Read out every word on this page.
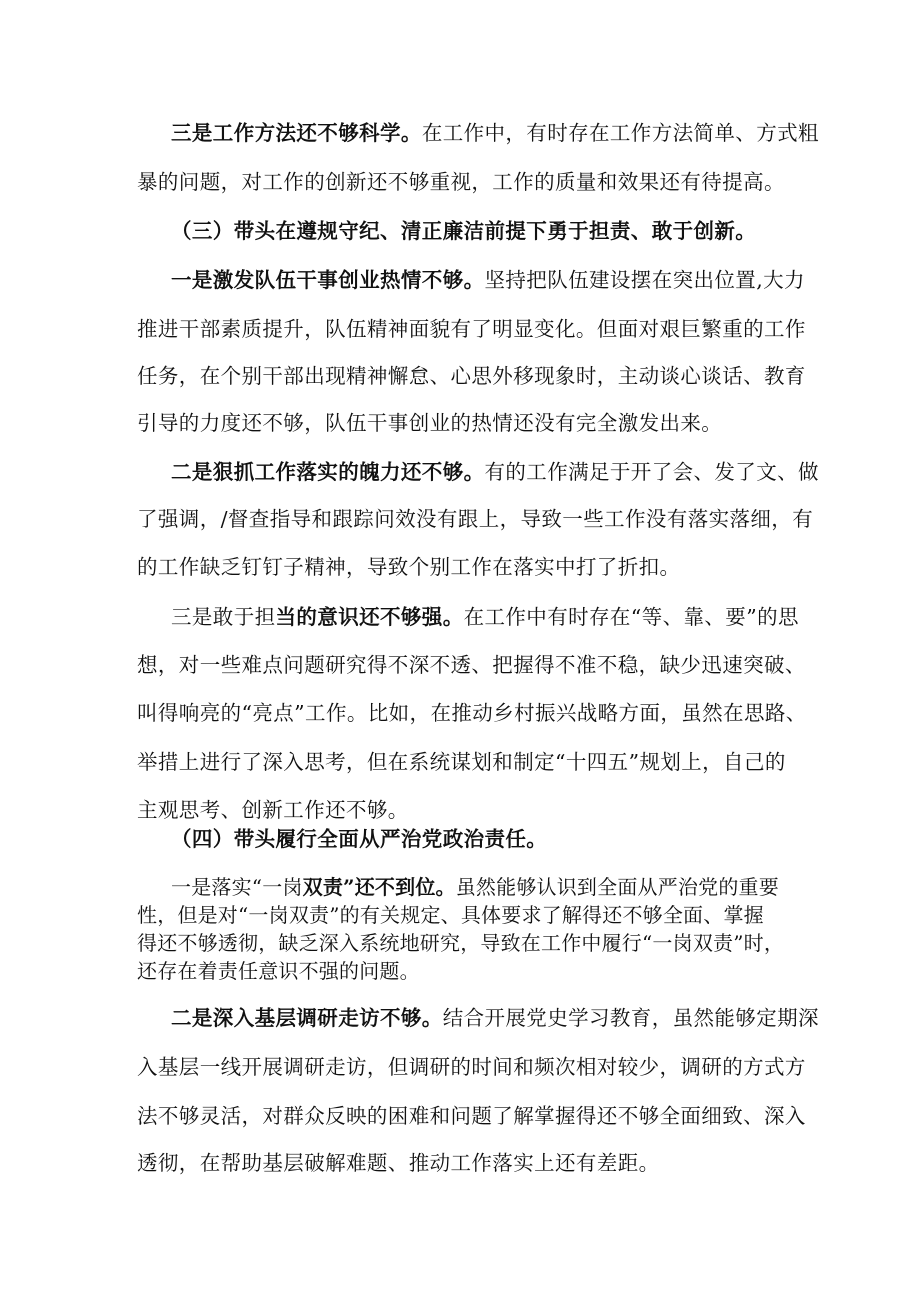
三是工作方法还不够科学。在工作中，有时存在工作方法简单、方式粗
暴的问题，对工作的创新还不够重视，工作的质量和效果还有待提高。
（三）带头在遵规守纪、清正廉洁前提下勇于担责、敢于创新。
一是激发队伍干事创业热情不够。坚持把队伍建设摆在突出位置,大力
推进干部素质提升，队伍精神面貌有了明显变化。但面对艰巨繁重的工作
任务，在个别干部出现精神懈怠、心思外移现象时，主动谈心谈话、教育
引导的力度还不够，队伍干事创业的热情还没有完全激发出来。
二是狠抓工作落实的魄力还不够。有的工作满足于开了会、发了文、做
了强调，/督查指导和跟踪问效没有跟上，导致一些工作没有落实落细，有
的工作缺乏钉钉子精神，导致个别工作在落实中打了折扣。
三是敢于担当的意识还不够强。在工作中有时存在“等、靠、要”的思
想，对一些难点问题研究得不深不透、把握得不准不稳，缺少迅速突破、
叫得响亮的“亮点”工作。比如，在推动乡村振兴战略方面，虽然在思路、
举措上进行了深入思考，但在系统谋划和制定“十四五”规划上，自己的
主观思考、创新工作还不够。
（四）带头履行全面从严治党政治责任。
一是落实“一岗双责”还不到位。虽然能够认识到全面从严治党的重要
性，但是对“一岗双责”的有关规定、具体要求了解得还不够全面、掌握
得还不够透彻，缺乏深入系统地研究，导致在工作中履行“一岗双责”时，
还存在着责任意识不强的问题。
二是深入基层调研走访不够。结合开展党史学习教育，虽然能够定期深
入基层一线开展调研走访，但调研的时间和频次相对较少，调研的方式方
法不够灵活，对群众反映的困难和问题了解掌握得还不够全面细致、深入
透彻，在帮助基层破解难题、推动工作落实上还有差距。
